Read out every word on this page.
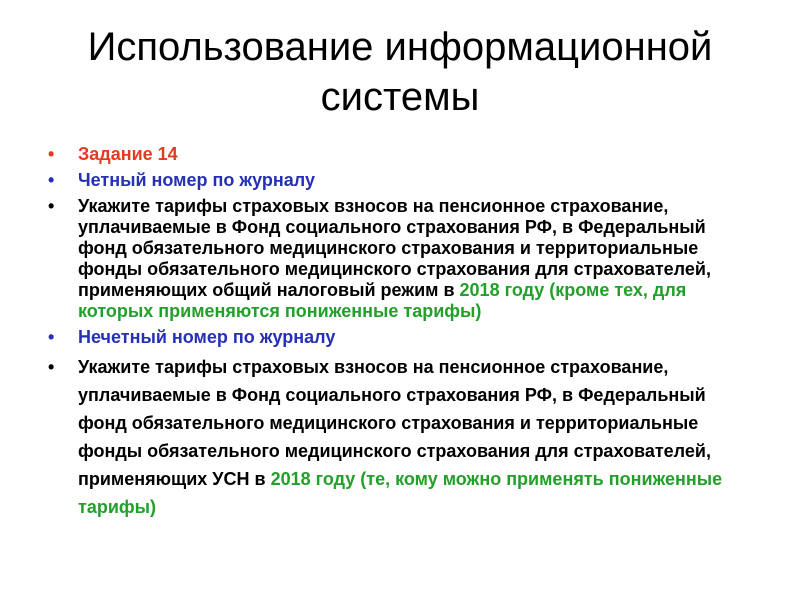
Использование информационной системы
• Задание 14
• Четный номер по журналу
• Укажите тарифы страховых взносов на пенсионное страхование, уплачиваемые в Фонд социального страхования РФ, в Федеральный фонд обязательного медицинского страхования и территориальные фонды обязательного медицинского страхования для страхователей, применяющих общий налоговый режим в 2018 году (кроме тех, для которых применяются пониженные тарифы)
• Нечетный номер по журналу
• Укажите тарифы страховых взносов на пенсионное страхование, уплачиваемые в Фонд социального страхования РФ, в Федеральный фонд обязательного медицинского страхования и территориальные фонды обязательного медицинского страхования для страхователей, применяющих УСН в 2018 году (те, кому можно применять пониженные тарифы)
